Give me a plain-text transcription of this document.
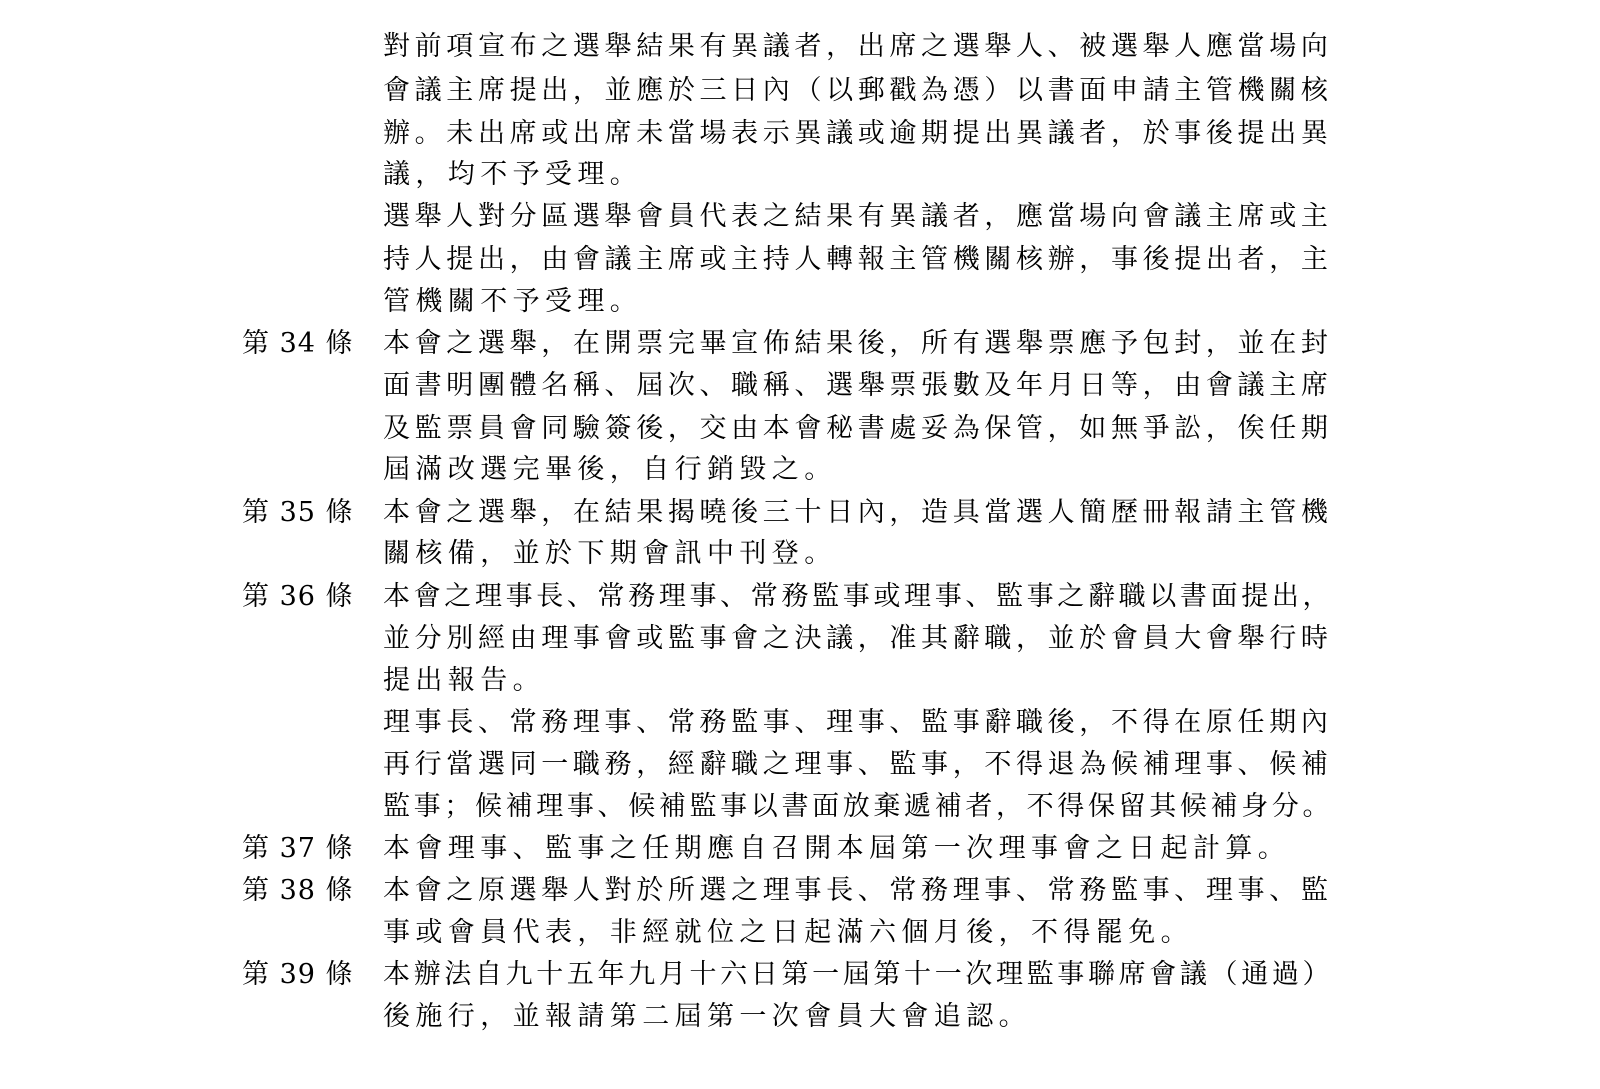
對前項宣布之選舉結果有異議者，出席之選舉人、被選舉人應當場向
會議主席提出，並應於三日內（以郵戳為憑）以書面申請主管機關核
辦。未出席或出席未當場表示異議或逾期提出異議者，於事後提出異
議，均不予受理。
選舉人對分區選舉會員代表之結果有異議者，應當場向會議主席或主
持人提出，由會議主席或主持人轉報主管機關核辦，事後提出者，主
管機關不予受理。
第 34 條 本會之選舉，在開票完畢宣佈結果後，所有選舉票應予包封，並在封
面書明團體名稱、屆次、職稱、選舉票張數及年月日等，由會議主席
及監票員會同驗簽後，交由本會秘書處妥為保管，如無爭訟，俟任期
屆滿改選完畢後，自行銷毀之。
第 35 條 本會之選舉，在結果揭曉後三十日內，造具當選人簡歷冊報請主管機
關核備，並於下期會訊中刊登。
第 36 條 本會之理事長、常務理事、常務監事或理事、監事之辭職以書面提出，
並分別經由理事會或監事會之決議，准其辭職，並於會員大會舉行時
提出報告。
理事長、常務理事、常務監事、理事、監事辭職後，不得在原任期內
再行當選同一職務，經辭職之理事、監事，不得退為候補理事、候補
監事；候補理事、候補監事以書面放棄遞補者，不得保留其候補身分。
第 37 條 本會理事、監事之任期應自召開本屆第一次理事會之日起計算。
第 38 條 本會之原選舉人對於所選之理事長、常務理事、常務監事、理事、監
事或會員代表，非經就位之日起滿六個月後，不得罷免。
第 39 條 本辦法自九十五年九月十六日第一屆第十一次理監事聯席會議（通過）
後施行，並報請第二屆第一次會員大會追認。
